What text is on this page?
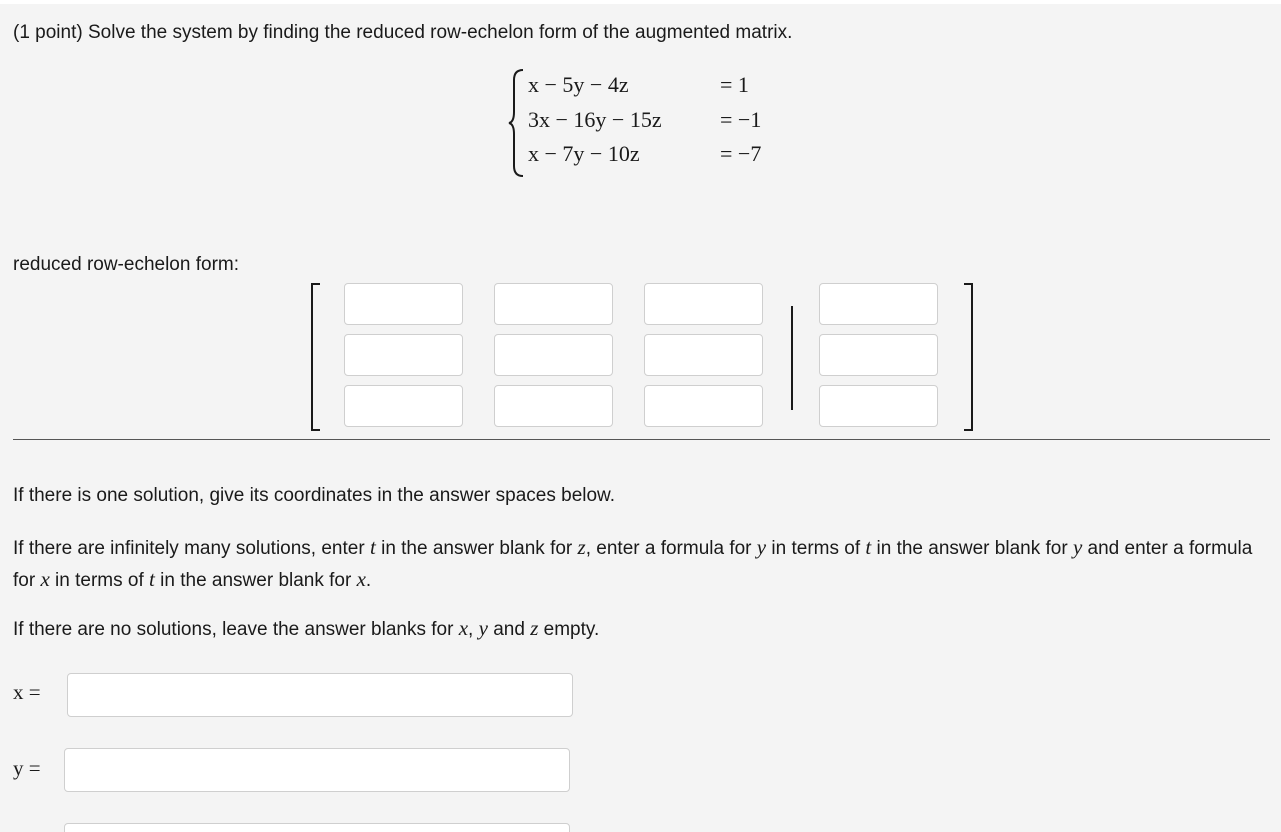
(1 point) Solve the system by finding the reduced row-echelon form of the augmented matrix.
x − 5y − 4z	= 1
3x − 16y − 15z	= −1
x − 7y − 10z	= −7
reduced row-echelon form:
If there is one solution, give its coordinates in the answer spaces below.
If there are infinitely many solutions, enter t in the answer blank for z, enter a formula for y in terms of t in the answer blank for y and enter a formula for x in terms of t in the answer blank for x.
If there are no solutions, leave the answer blanks for x, y and z empty.
x =
y =
